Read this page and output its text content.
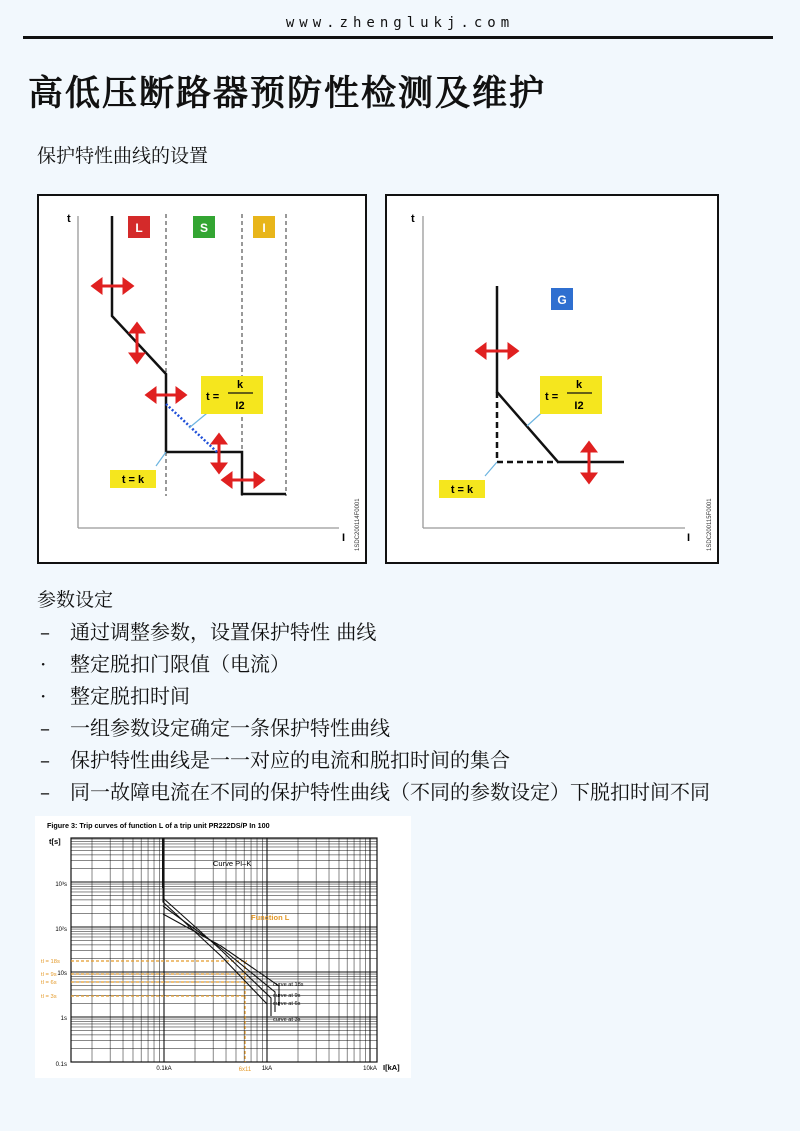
www.zhenglukj.com
高低压断路器预防性检测及维护
保护特性曲线的设置
t
I
L	S	I
t =
k
I2
t = k
1SDC200114F0001
t
I
G
t =
k
I2
t = k
1SDC200115F0001
参数设定
– 通过调整参数，设置保护特性 曲线
· 整定脱扣门限值（电流）
· 整定脱扣时间
– 一组参数设定确定一条保护特性曲线
– 保护特性曲线是一一对应的电流和脱扣时间的集合
– 同一故障电流在不同的保护特性曲线（不同的参数设定）下脱扣时间不同
Figure 3: Trip curves of function L of a trip unit PR222DS/P In 100
t[s]
I[kA]
10³s
10²s
10s
1s
0.1s
0.1kA	1kA	10kA
tl = 18s
tl = 9s
tl = 6s
tl = 3s
6x11
Curve PI–K
Function L
curve at 18s
curve at 9s
curve at 6s
curve at 3s
